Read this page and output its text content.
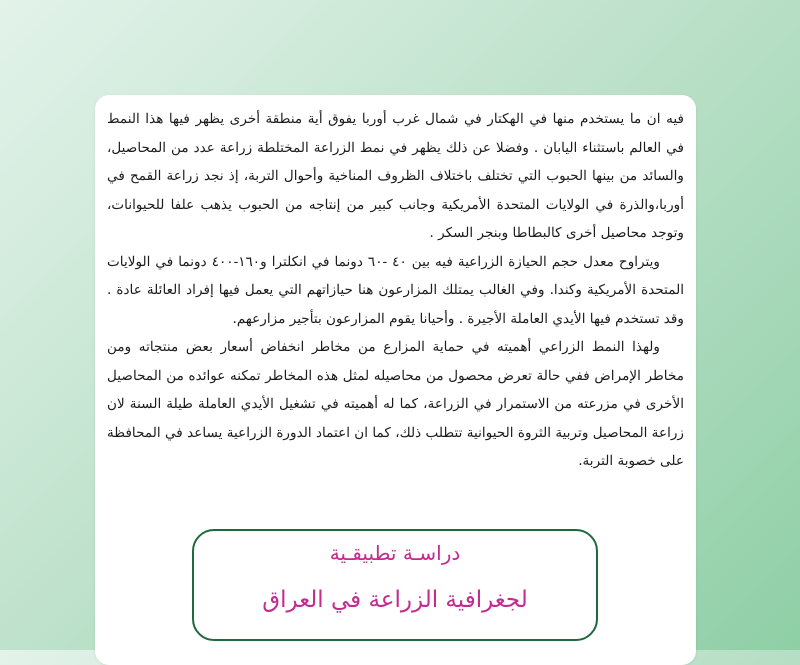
فيه ان ما يستخدم منها في الهكتار في شمال غرب أوربا يفوق أية منطقة أخرى يظهر فيها هذا النمط في العالم باستثناء اليابان . وفضلا عن ذلك يظهر في نمط الزراعة المختلطة زراعة عدد من المحاصيل، والسائد من بينها الحبوب التي تختلف باختلاف الظروف المناخية وأحوال التربة، إذ نجد زراعة القمح في أوربا،والذرة في الولايات المتحدة الأمريكية وجانب كبير من إنتاجه من الحبوب يذهب علفا للحيوانات، وتوجد محاصيل أخرى كالبطاطا وبنجر السكر .

ويتراوح معدل حجم الحيازة الزراعية فيه بين ٤٠ -٦٠ دونما في انكلترا و١٦٠-٤٠٠ دونما في الولايات المتحدة الأمريكية وكندا. وفي الغالب يمتلك المزارعون هنا حيازاتهم التي يعمل فيها إفراد العائلة عادة . وقد تستخدم فيها الأيدي العاملة الأجيرة . وأحيانا يقوم المزارعون بتأجير مزارعهم.

ولهذا النمط الزراعي أهميته في حماية المزارع من مخاطر انخفاض أسعار بعض منتجاته ومن مخاطر الإمراض ففي حالة تعرض محصول من محاصيله لمثل هذه المخاطر تمكنه عوائده من المحاصيل الأخرى في مزرعته من الاستمرار في الزراعة، كما له أهميته في تشغيل الأيدي العاملة طيلة السنة لان زراعة المحاصيل وتربية الثروة الحيوانية تتطلب ذلك، كما ان اعتماد الدورة الزراعية يساعد في المحافظة على خصوبة التربة.

دراسـة تطبيقـية
لجغرافية الزراعة في العراق
